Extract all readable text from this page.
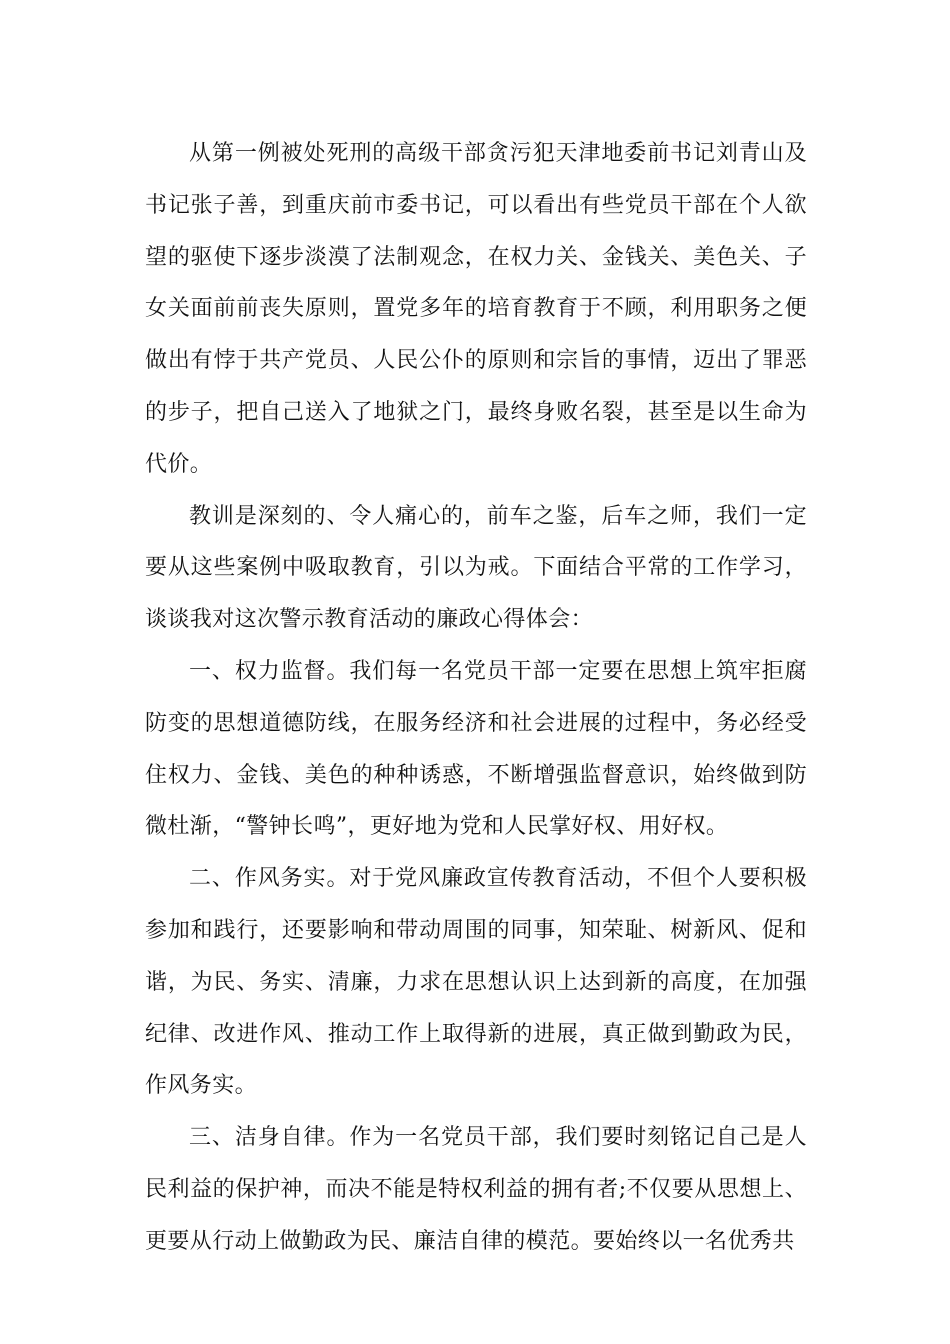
从第一例被处死刑的高级干部贪污犯天津地委前书记刘青山及书记张子善，到重庆前市委书记，可以看出有些党员干部在个人欲望的驱使下逐步淡漠了法制观念，在权力关、金钱关、美色关、子女关面前前丧失原则，置党多年的培育教育于不顾，利用职务之便做出有悖于共产党员、人民公仆的原则和宗旨的事情，迈出了罪恶的步子，把自己送入了地狱之门，最终身败名裂，甚至是以生命为代价。

教训是深刻的、令人痛心的，前车之鉴，后车之师，我们一定要从这些案例中吸取教育，引以为戒。下面结合平常的工作学习，谈谈我对这次警示教育活动的廉政心得体会：

一、权力监督。我们每一名党员干部一定要在思想上筑牢拒腐防变的思想道德防线，在服务经济和社会进展的过程中，务必经受住权力、金钱、美色的种种诱惑，不断增强监督意识，始终做到防微杜渐，“警钟长鸣”，更好地为党和人民掌好权、用好权。

二、作风务实。对于党风廉政宣传教育活动，不但个人要积极参加和践行，还要影响和带动周围的同事，知荣耻、树新风、促和谐，为民、务实、清廉，力求在思想认识上达到新的高度，在加强纪律、改进作风、推动工作上取得新的进展，真正做到勤政为民，作风务实。

三、洁身自律。作为一名党员干部，我们要时刻铭记自己是人民利益的保护神，而决不能是特权利益的拥有者;不仅要从思想上、更要从行动上做勤政为民、廉洁自律的模范。要始终以一名优秀共
